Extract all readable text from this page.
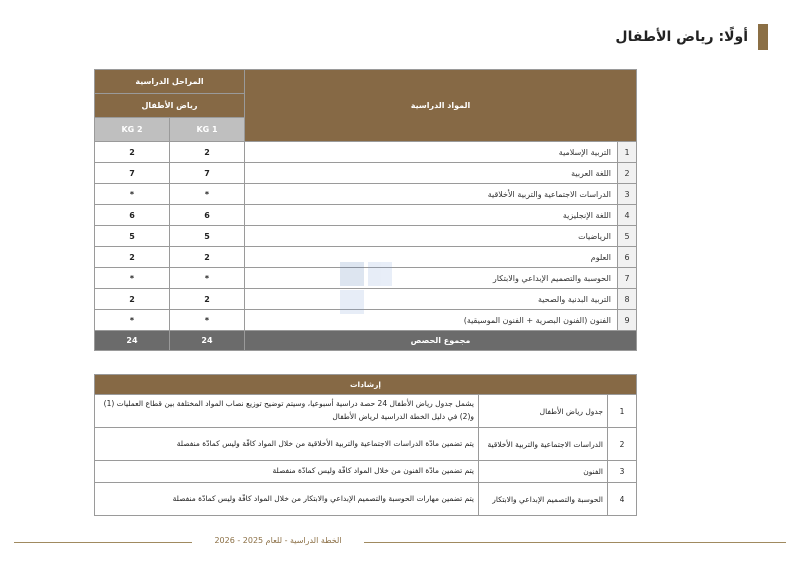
أولًا: رياض الأطفال
المواد الدراسية		المراحل الدراسية	
		رياض الأطفال	
		KG 1	KG 2
1	التربية الإسلامية	2	2
2	اللغة العربية	7	7
3	الدراسات الاجتماعية والتربية الأخلاقية	*	*
4	اللغة الإنجليزية	6	6
5	الرياضيات	5	5
6	العلوم	2	2
7	الحوسبة والتصميم الإبداعي والابتكار	*	*
8	التربية البدنية والصحية	2	2
9	الفنون (الفنون البصرية + الفنون الموسيقية)	*	*
مجموع الحصص		24	24
إرشادات		
1	جدول رياض الأطفال	يشمل جدول رياض الأطفال 24 حصة دراسية أسبوعيا، وسيتم توضيح توزيع نصاب المواد المختلفة بين قطاع العمليات (1) و(2) في دليل الخطة الدراسية لرياض الأطفال
2	الدراسات الاجتماعية والتربية الأخلاقية	يتم تضمين مادّة الدراسات الاجتماعية والتربية الأخلاقية من خلال المواد كافّة وليس كمادّة منفصلة
3	الفنون	يتم تضمين مادّة الفنون من خلال المواد كافّة وليس كمادّة منفصلة
4	الحوسبة والتصميم الإبداعي والابتكار	يتم تضمين مهارات الحوسبة والتصميم الإبداعي والابتكار من خلال المواد كافّة وليس كمادّة منفصلة
الخطة الدراسية - للعام 2025 - 2026
